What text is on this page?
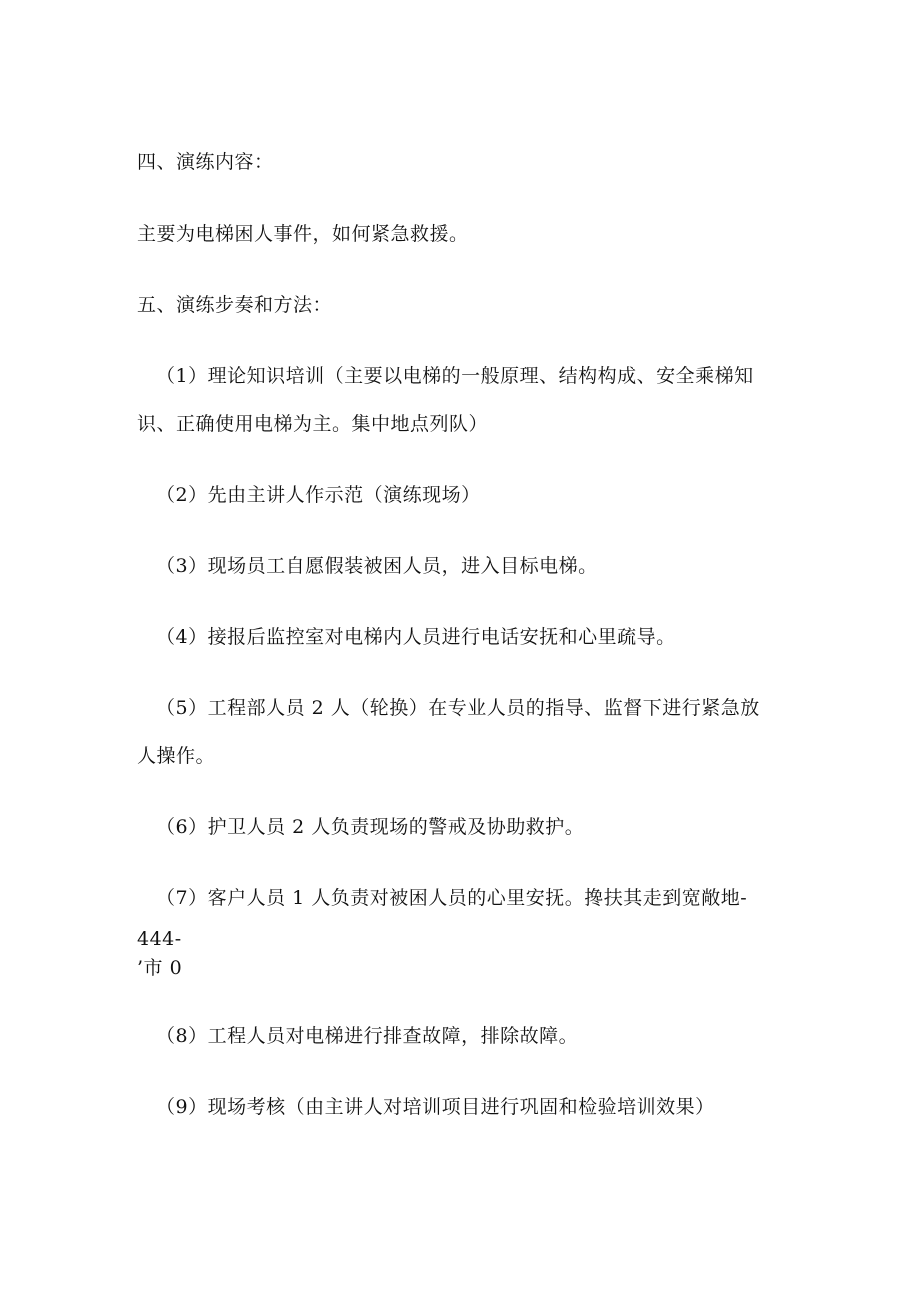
四、演练内容：

主要为电梯困人事件，如何紧急救援。

五、演练步奏和方法：

（1）理论知识培训（主要以电梯的一般原理、结构构成、安全乘梯知

识、正确使用电梯为主。集中地点列队）

（2）先由主讲人作示范（演练现场）

（3）现场员工自愿假装被困人员，进入目标电梯。

（4）接报后监控室对电梯内人员进行电话安抚和心里疏导。

（5）工程部人员 2 人（轮换）在专业人员的指导、监督下进行紧急放

人操作。

（6）护卫人员 2 人负责现场的警戒及协助救护。

（7）客户人员 1 人负责对被困人员的心里安抚。搀扶其走到宽敞地-

444-

’市 0

（8）工程人员对电梯进行排查故障，排除故障。

（9）现场考核（由主讲人对培训项目进行巩固和检验培训效果）
